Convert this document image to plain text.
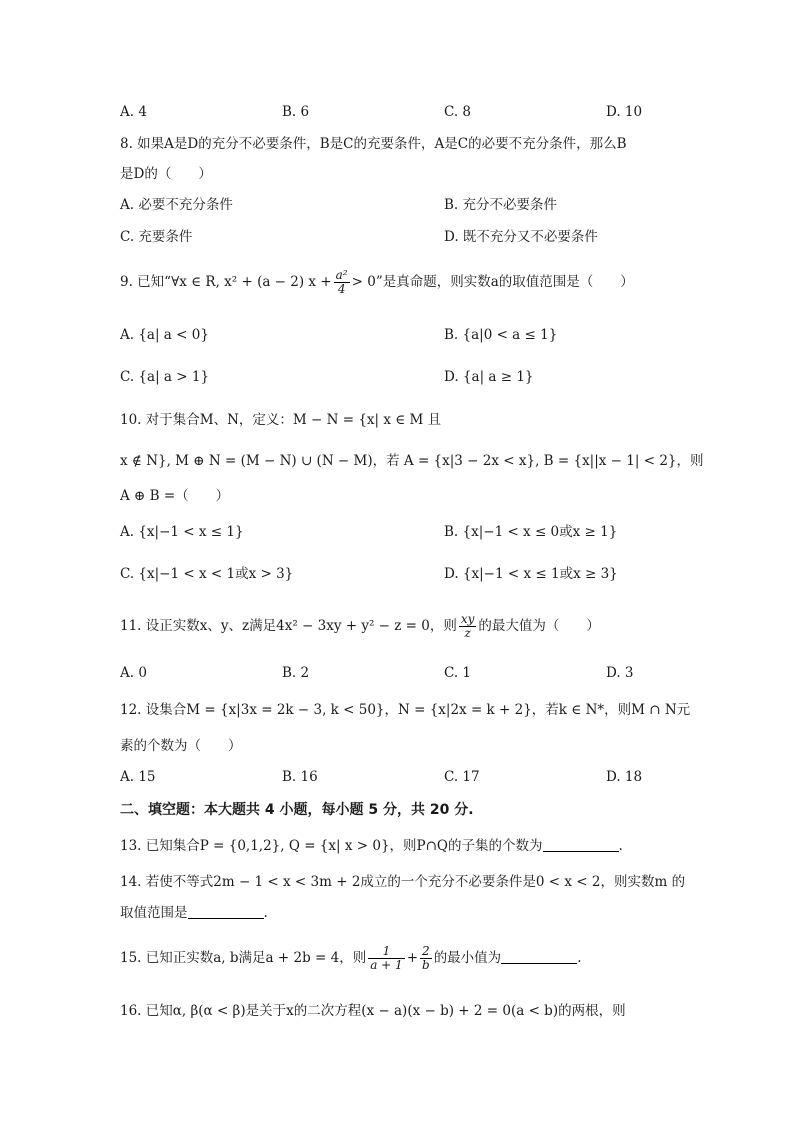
A. 4	B. 6	C. 8	D. 10
8. 如果A是D的充分不必要条件，B是C的充要条件，A是C的必要不充分条件，那么B
是D的（　　）
A. 必要不充分条件	B. 充分不必要条件
C. 充要条件	D. 既不充分又不必要条件
9. 已知“∀x ∈ R, x² + (a − 2) $x + \frac{\text{a²}}{4} > 0$”是真命题，则实数a的取值范围是（　　）
A. {a| a < 0}	B. {a|0 < a ≤ 1}
C. {a| a > 1}	D. {a| a ≥ 1}
10. 对于集合M、N，定义：M − N = {x| x ∈ M 且
x ∉ N}, M ⊕ N = (M − N) ∪ (N − M)，若 A = {x|3 − 2x < x}, B = {x||x − 1| < 2}，则
A ⊕ B =（　　）
A. {x|−1 < x ≤ 1}	B. {x|−1 < x ≤ 0或x ≥ 1}
C. {x|−1 < x < 1或x > 3}	D. {x|−1 < x ≤ 1或x ≥ 3}
11. 设正实数x、y、z满足4x² − 3xy + y² − z = 0，则 $\frac{xy}{z}$ 的最大值为（　　）
A. 0	B. 2	C. 1	D. 3
12. 设集合M = {x|3x = 2k − 3, k < 50}，N = {x|2x = k + 2}，若k ∈ N*，则M ∩ N元
素的个数为（　　）
A. 15	B. 16	C. 17	D. 18
二、填空题：本大题共 4 小题，每小题 5 分，共 20 分.
13. 已知集合P = {0,1,2}, Q = {x| x > 0}，则P∩Q的子集的个数为	.
14. 若使不等式2m − 1 < x < 3m + 2成立的一个充分不必要条件是0 < x < 2，则实数m 的
取值范围是	.
15. 已知正实数a, b满足a + 2b = 4，则 $\frac{1}{a + 1} + \frac{2}{b}$ 的最小值为	.
16. 已知α, β(α < β)是关于x的二次方程(x − a)(x − b) + 2 = 0(a < b)的两根，则
